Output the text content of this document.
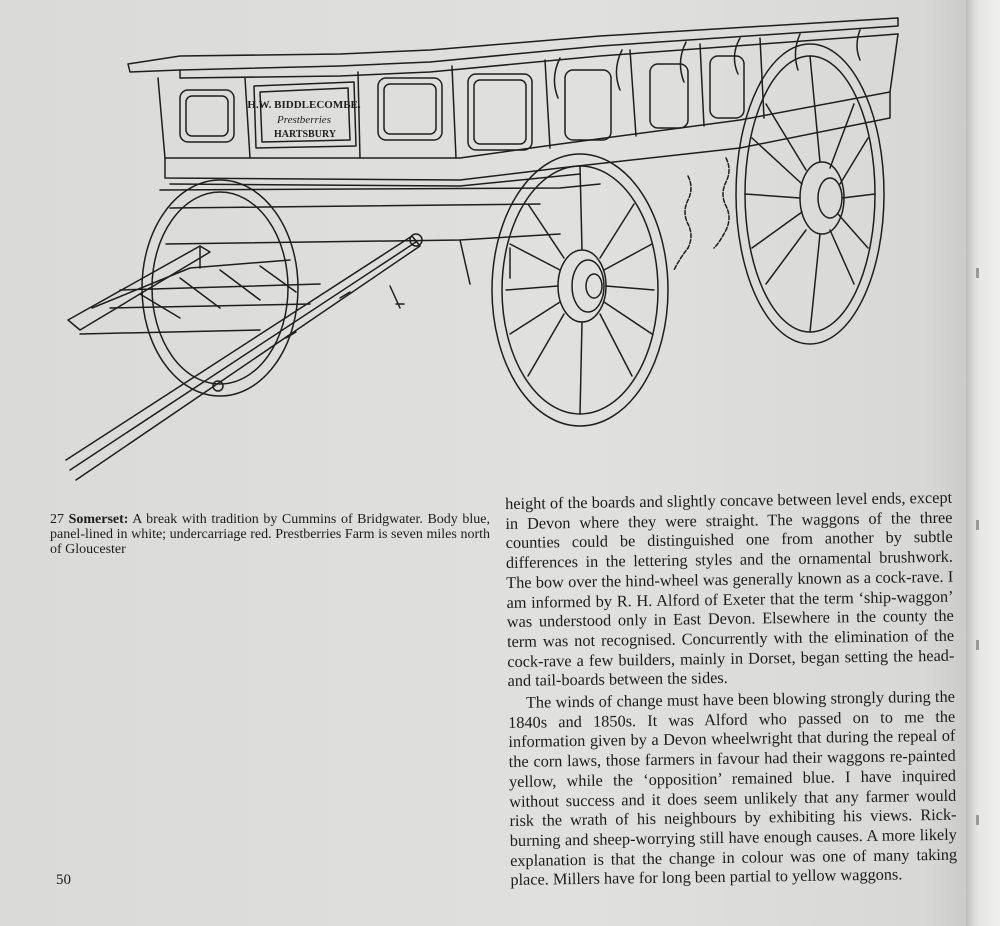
H.W. BIDDLECOMBE.
Prestberries
HARTSBURY
27 Somerset: A break with tradition by Cummins of Bridgwater. Body blue, panel-lined in white; undercarriage red. Prestberries Farm is seven miles north of Gloucester

height of the boards and slightly concave between level ends, except in Devon where they were straight. The waggons of the three counties could be distinguished one from another by subtle differences in the lettering styles and the ornamental brushwork. The bow over the hind-wheel was generally known as a cock-rave. I am informed by R. H. Alford of Exeter that the term ‘ship-waggon’ was understood only in East Devon. Elsewhere in the county the term was not recognised. Concurrently with the elimination of the cock-rave a few builders, mainly in Dorset, began setting the head- and tail-boards between the sides.

The winds of change must have been blowing strongly during the 1840s and 1850s. It was Alford who passed on to me the information given by a Devon wheelwright that during the repeal of the corn laws, those farmers in favour had their waggons re-painted yellow, while the ‘opposition’ remained blue. I have inquired without success and it does seem unlikely that any farmer would risk the wrath of his neighbours by exhibiting his views. Rick-burning and sheep-worrying still have enough causes. A more likely explanation is that the change in colour was one of many taking place. Millers have for long been partial to yellow waggons.

50
